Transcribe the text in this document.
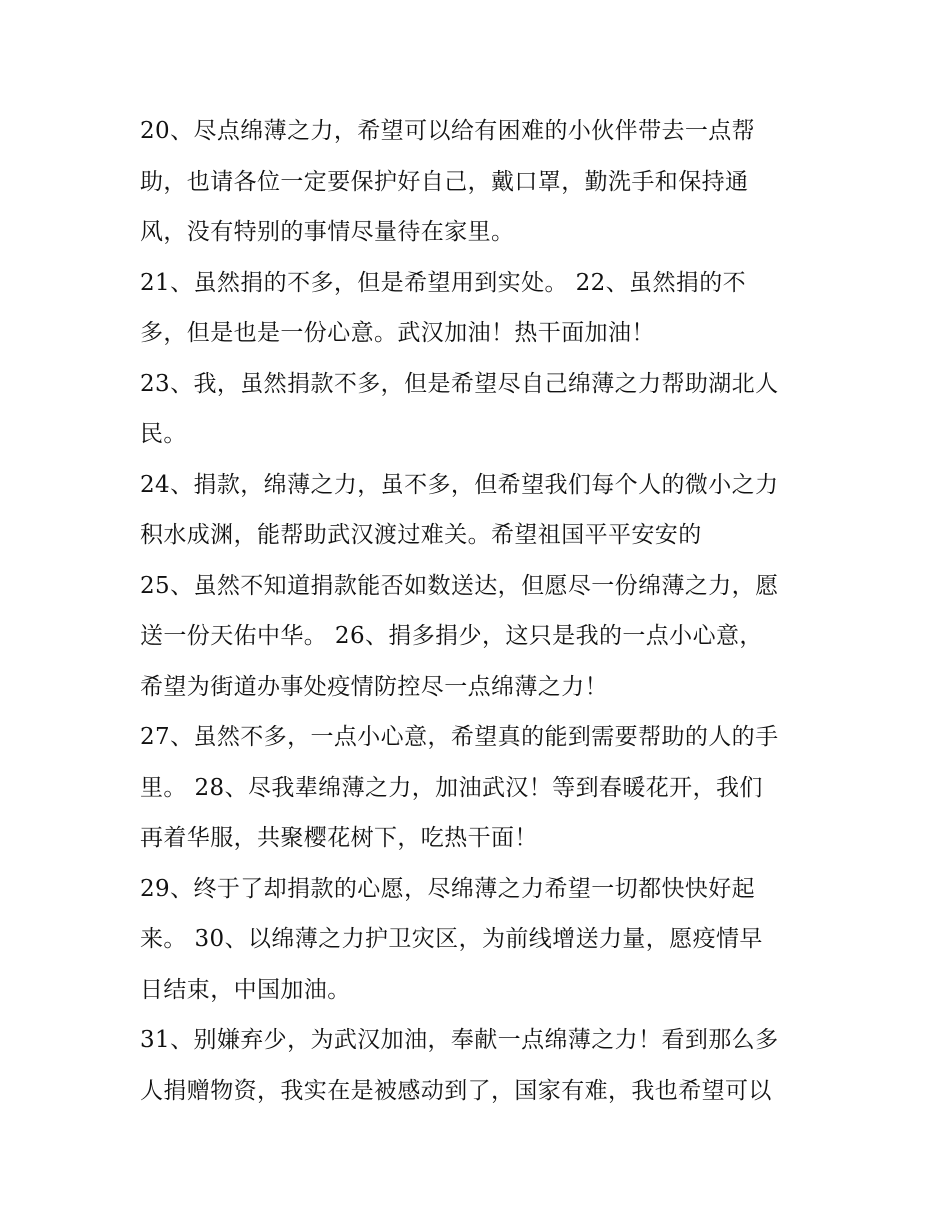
20、尽点绵薄之力，希望可以给有困难的小伙伴带去一点帮
助，也请各位一定要保护好自己，戴口罩，勤洗手和保持通
风，没有特别的事情尽量待在家里。
21、虽然捐的不多，但是希望用到实处。 22、虽然捐的不
多，但是也是一份心意。武汉加油！热干面加油！
23、我，虽然捐款不多，但是希望尽自己绵薄之力帮助湖北人
民。
24、捐款，绵薄之力，虽不多，但希望我们每个人的微小之力
积水成渊，能帮助武汉渡过难关。希望祖国平平安安的
25、虽然不知道捐款能否如数送达，但愿尽一份绵薄之力，愿
送一份天佑中华。 26、捐多捐少，这只是我的一点小心意，
希望为街道办事处疫情防控尽一点绵薄之力！
27、虽然不多，一点小心意，希望真的能到需要帮助的人的手
里。 28、尽我辈绵薄之力，加油武汉！等到春暖花开，我们
再着华服，共聚樱花树下，吃热干面！
29、终于了却捐款的心愿，尽绵薄之力希望一切都快快好起
来。 30、以绵薄之力护卫灾区，为前线增送力量，愿疫情早
日结束，中国加油。
31、别嫌弃少，为武汉加油，奉献一点绵薄之力！看到那么多
人捐赠物资，我实在是被感动到了，国家有难，我也希望可以
